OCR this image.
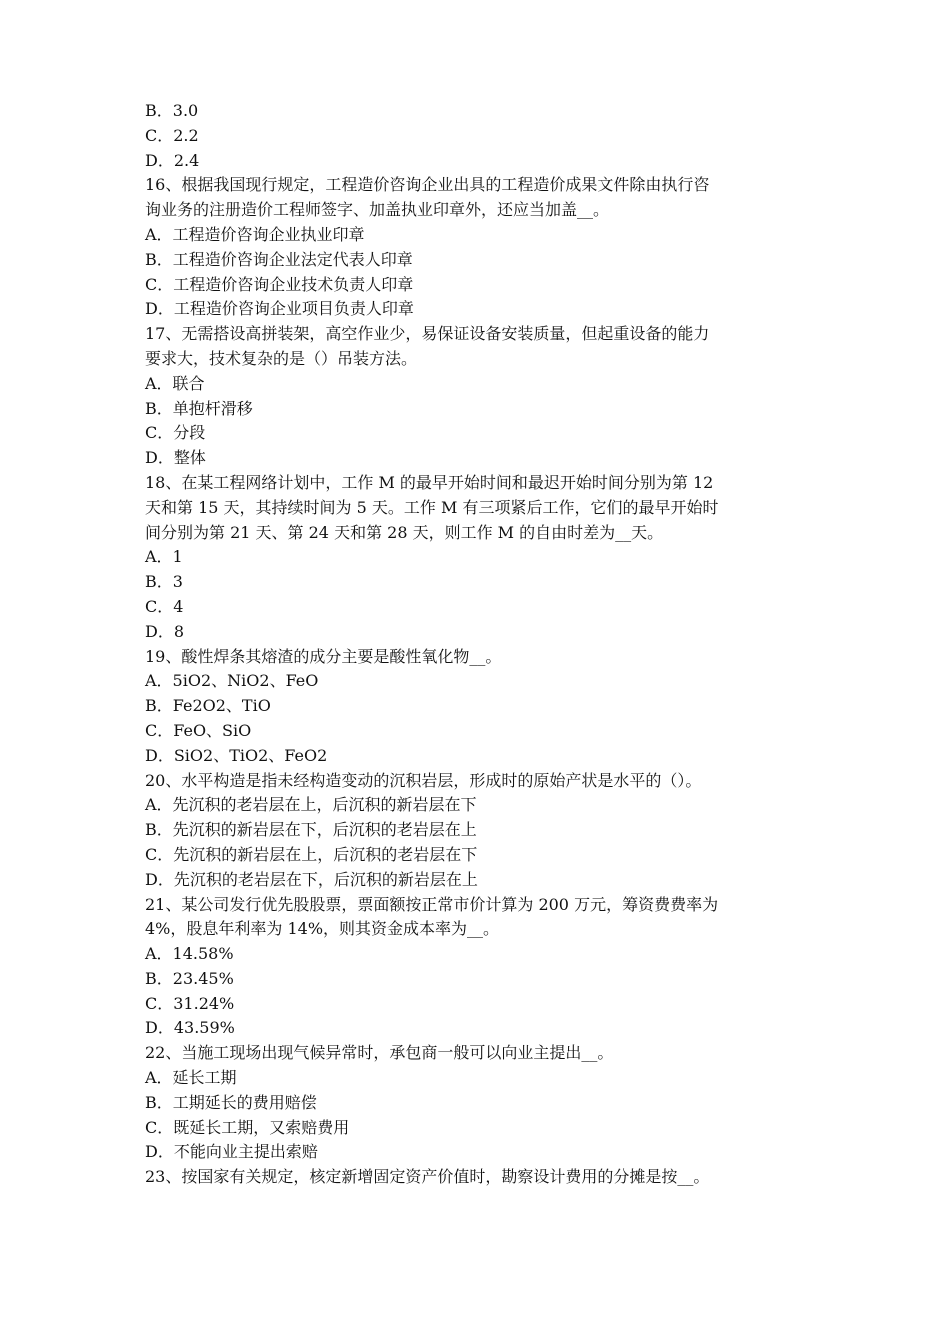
B．3.0

C．2.2

D．2.4

16、根据我国现行规定，工程造价咨询企业出具的工程造价成果文件除由执行咨

询业务的注册造价工程师签字、加盖执业印章外，还应当加盖__。

A．工程造价咨询企业执业印章

B．工程造价咨询企业法定代表人印章

C．工程造价咨询企业技术负责人印章

D．工程造价咨询企业项目负责人印章

17、无需搭设高拼装架，高空作业少，易保证设备安装质量，但起重设备的能力

要求大，技术复杂的是（）吊装方法。

A．联合

B．单抱杆滑移

C．分段

D．整体

18、在某工程网络计划中，工作 M 的最早开始时间和最迟开始时间分别为第 12

天和第 15 天，其持续时间为 5 天。工作 M 有三项紧后工作，它们的最早开始时

间分别为第 21 天、第 24 天和第 28 天，则工作 M 的自由时差为__天。

A．1

B．3

C．4

D．8

19、酸性焊条其熔渣的成分主要是酸性氧化物__。

A．5iO2、NiO2、FeO

B．Fe2O2、TiO

C．FeO、SiO

D．SiO2、TiO2、FeO2

20、水平构造是指未经构造变动的沉积岩层，形成时的原始产状是水平的（）。

A．先沉积的老岩层在上，后沉积的新岩层在下

B．先沉积的新岩层在下，后沉积的老岩层在上

C．先沉积的新岩层在上，后沉积的老岩层在下

D．先沉积的老岩层在下，后沉积的新岩层在上

21、某公司发行优先股股票，票面额按正常市价计算为 200 万元，筹资费费率为

4%，股息年利率为 14%，则其资金成本率为__。

A．14.58%

B．23.45%

C．31.24%

D．43.59%

22、当施工现场出现气候异常时，承包商一般可以向业主提出__。

A．延长工期

B．工期延长的费用赔偿

C．既延长工期，又索赔费用

D．不能向业主提出索赔

23、按国家有关规定，核定新增固定资产价值时，勘察设计费用的分摊是按__。
